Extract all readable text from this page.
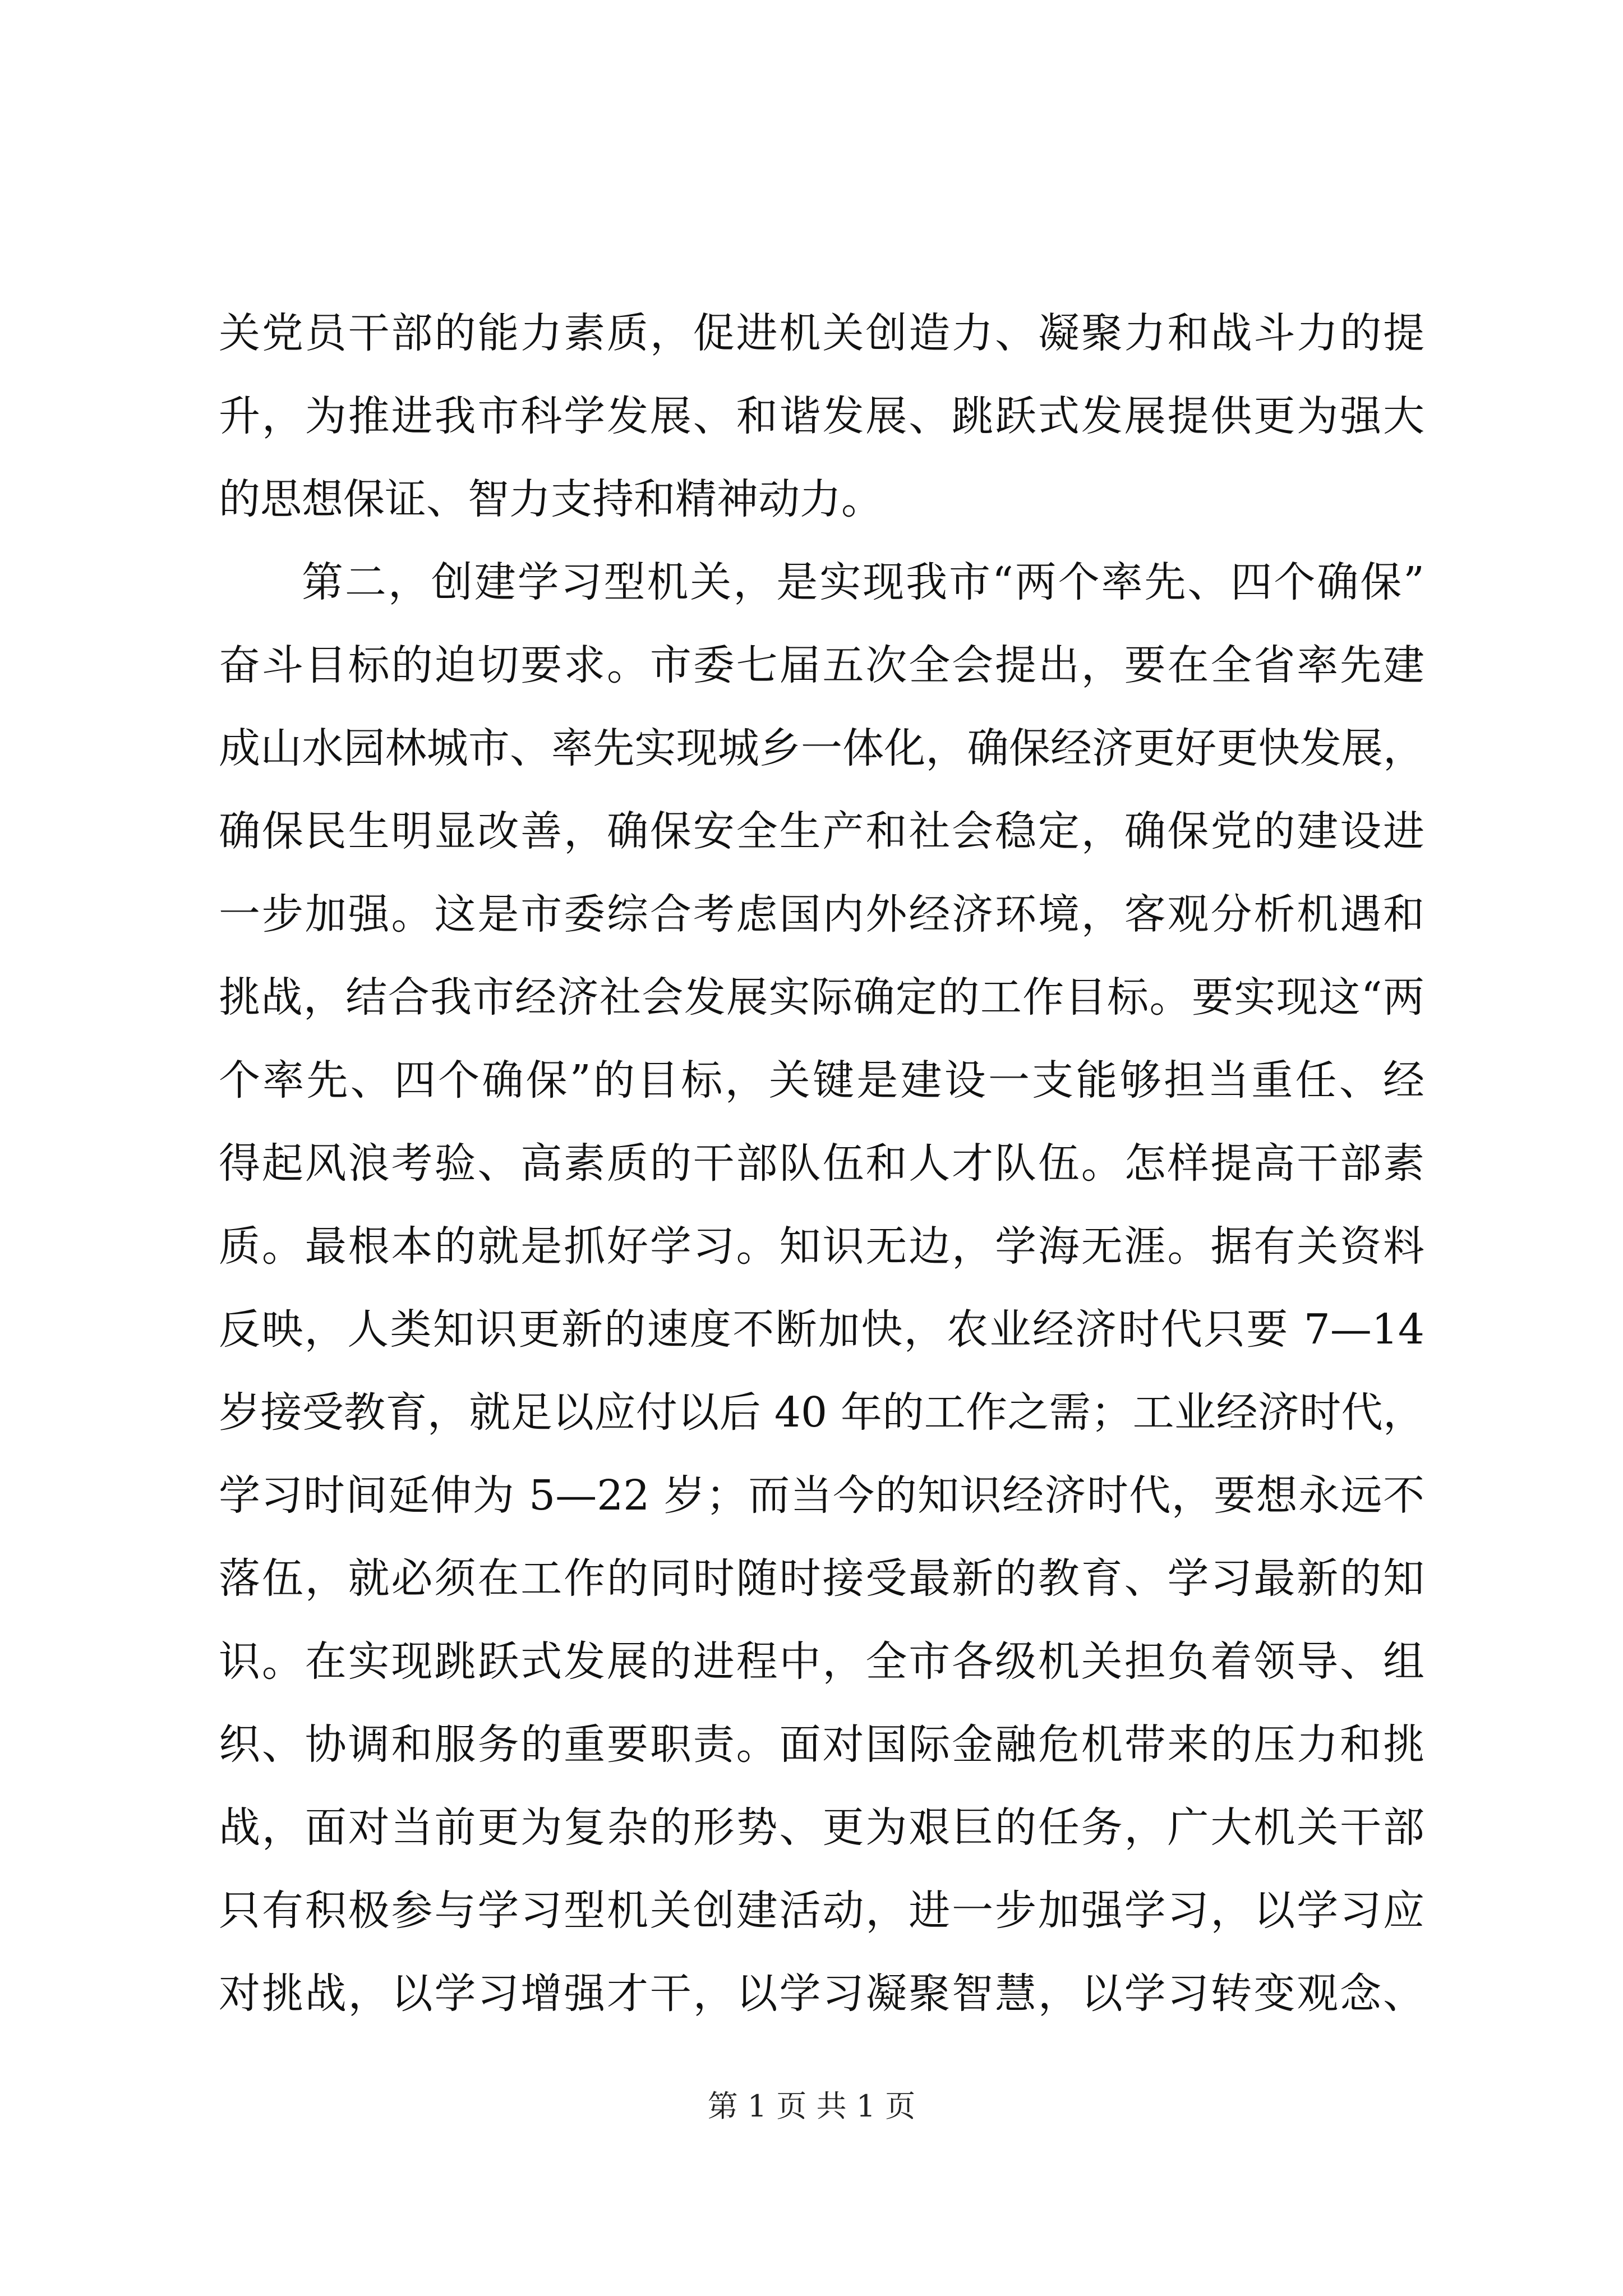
关党员干部的能力素质，促进机关创造力、凝聚力和战斗力的提
升，为推进我市科学发展、和谐发展、跳跃式发展提供更为强大
的思想保证、智力支持和精神动力。
第二，创建学习型机关，是实现我市“两个率先、四个确保”
奋斗目标的迫切要求。市委七届五次全会提出，要在全省率先建
成山水园林城市、率先实现城乡一体化，确保经济更好更快发展，
确保民生明显改善，确保安全生产和社会稳定，确保党的建设进
一步加强。这是市委综合考虑国内外经济环境，客观分析机遇和
挑战，结合我市经济社会发展实际确定的工作目标。要实现这“两
个率先、四个确保”的目标，关键是建设一支能够担当重任、经
得起风浪考验、高素质的干部队伍和人才队伍。怎样提高干部素
质。最根本的就是抓好学习。知识无边，学海无涯。据有关资料
反映，人类知识更新的速度不断加快，农业经济时代只要 7—14
岁接受教育，就足以应付以后 40 年的工作之需；工业经济时代，
学习时间延伸为 5—22 岁；而当今的知识经济时代，要想永远不
落伍，就必须在工作的同时随时接受最新的教育、学习最新的知
识。在实现跳跃式发展的进程中，全市各级机关担负着领导、组
织、协调和服务的重要职责。面对国际金融危机带来的压力和挑
战，面对当前更为复杂的形势、更为艰巨的任务，广大机关干部
只有积极参与学习型机关创建活动，进一步加强学习，以学习应
对挑战，以学习增强才干，以学习凝聚智慧，以学习转变观念、
第 1 页 共 1 页
